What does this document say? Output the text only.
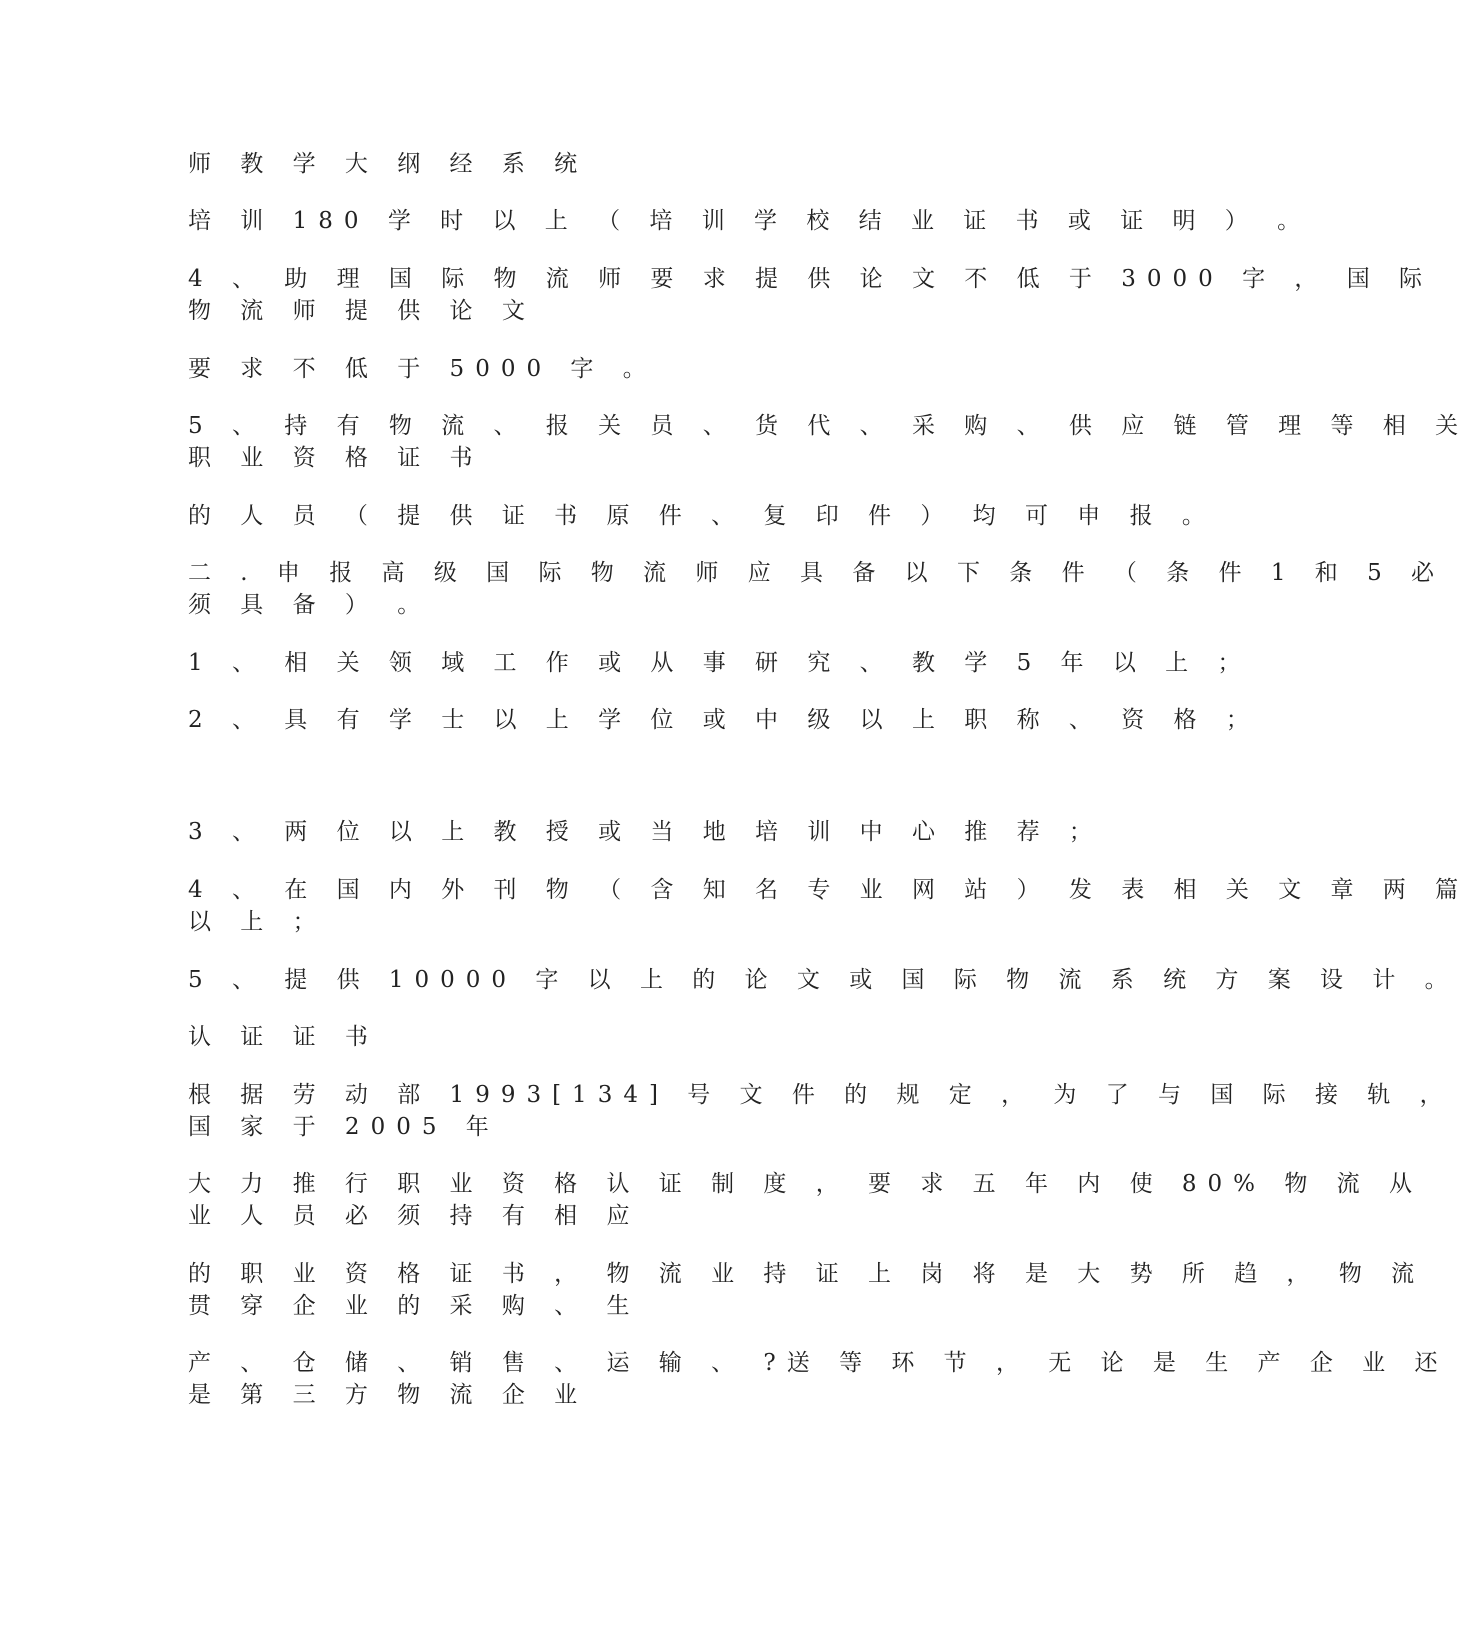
师 教 学 大 纲 经 系 统

培 训 180 学 时 以 上 （ 培 训 学 校 结 业 证 书 或 证 明 ） 。

4 、 助 理 国 际 物 流 师 要 求 提 供 论 文 不 低 于 3000 字 ， 国 际
物 流 师 提 供 论 文

要 求 不 低 于 5000 字 。

5 、 持 有 物 流 、 报 关 员 、 货 代 、 采 购 、 供 应 链 管 理 等 相 关
职 业 资 格 证 书

的 人 员 （ 提 供 证 书 原 件 、 复 印 件 ） 均 可 申 报 。

二 . 申 报 高 级 国 际 物 流 师 应 具 备 以 下 条 件 （ 条 件 1 和 5 必
须 具 备 ） 。

1 、 相 关 领 域 工 作 或 从 事 研 究 、 教 学 5 年 以 上 ；

2 、 具 有 学 士 以 上 学 位 或 中 级 以 上 职 称 、 资 格 ；

3 、 两 位 以 上 教 授 或 当 地 培 训 中 心 推 荐 ；

4 、 在 国 内 外 刊 物 （ 含 知 名 专 业 网 站 ） 发 表 相 关 文 章 两 篇
以 上 ；

5 、 提 供 10000 字 以 上 的 论 文 或 国 际 物 流 系 统 方 案 设 计 。

认 证 证 书

根 据 劳 动 部 1993[134] 号 文 件 的 规 定 ， 为 了 与 国 际 接 轨 ，
国 家 于 2005 年

大 力 推 行 职 业 资 格 认 证 制 度 ， 要 求 五 年 内 使 80% 物 流 从
业 人 员 必 须 持 有 相 应

的 职 业 资 格 证 书 ， 物 流 业 持 证 上 岗 将 是 大 势 所 趋 ， 物 流
贯 穿 企 业 的 采 购 、 生

产 、 仓 储 、 销 售 、 运 输 、 ?送 等 环 节 ， 无 论 是 生 产 企 业 还
是 第 三 方 物 流 企 业
